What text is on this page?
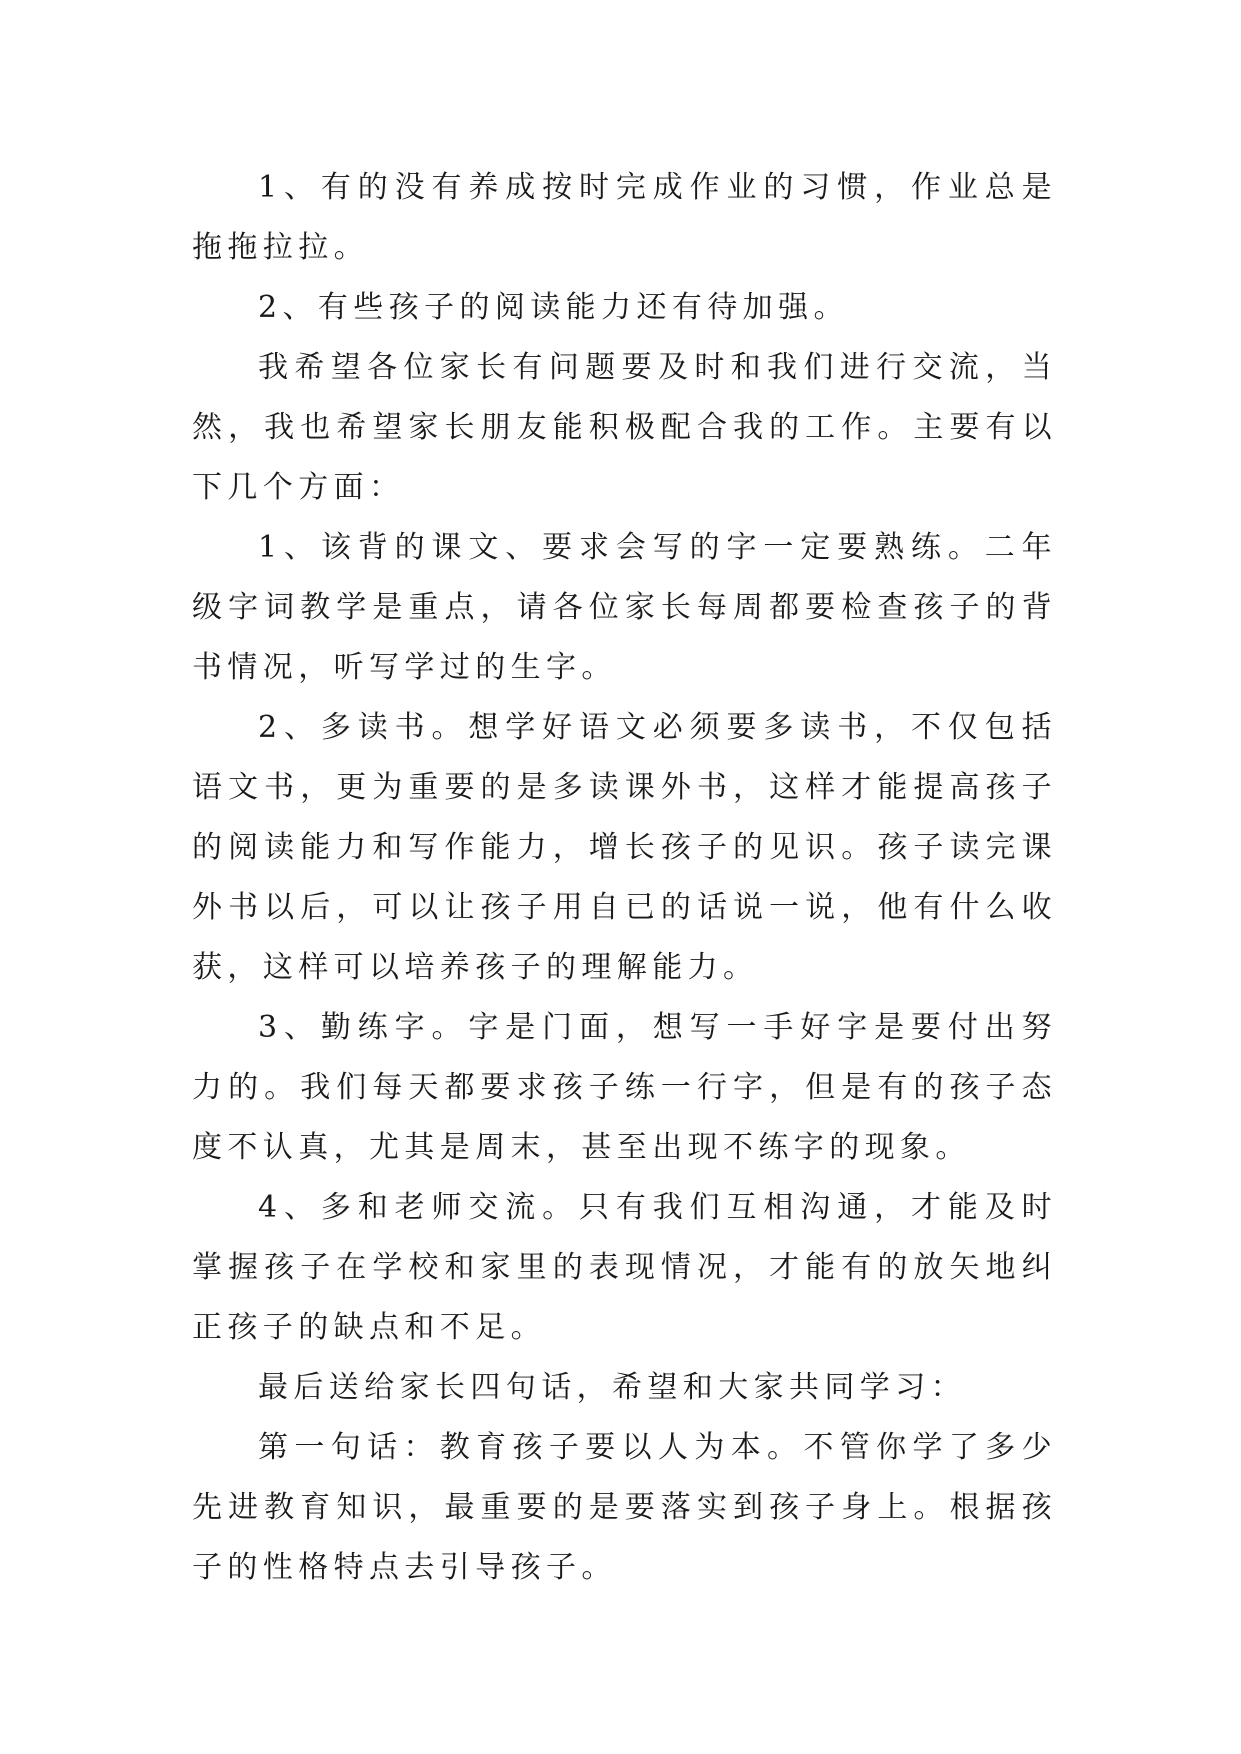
1、有的没有养成按时完成作业的习惯，作业总是拖拖拉拉。

2、有些孩子的阅读能力还有待加强。

我希望各位家长有问题要及时和我们进行交流，当然，我也希望家长朋友能积极配合我的工作。主要有以下几个方面：

1、该背的课文、要求会写的字一定要熟练。二年级字词教学是重点，请各位家长每周都要检查孩子的背书情况，听写学过的生字。

2、多读书。想学好语文必须要多读书，不仅包括语文书，更为重要的是多读课外书，这样才能提高孩子的阅读能力和写作能力，增长孩子的见识。孩子读完课外书以后，可以让孩子用自已的话说一说，他有什么收获，这样可以培养孩子的理解能力。

3、勤练字。字是门面，想写一手好字是要付出努力的。我们每天都要求孩子练一行字，但是有的孩子态度不认真，尤其是周末，甚至出现不练字的现象。

4、多和老师交流。只有我们互相沟通，才能及时掌握孩子在学校和家里的表现情况，才能有的放矢地纠正孩子的缺点和不足。

最后送给家长四句话，希望和大家共同学习：

第一句话：教育孩子要以人为本。不管你学了多少先进教育知识，最重要的是要落实到孩子身上。根据孩子的性格特点去引导孩子。
